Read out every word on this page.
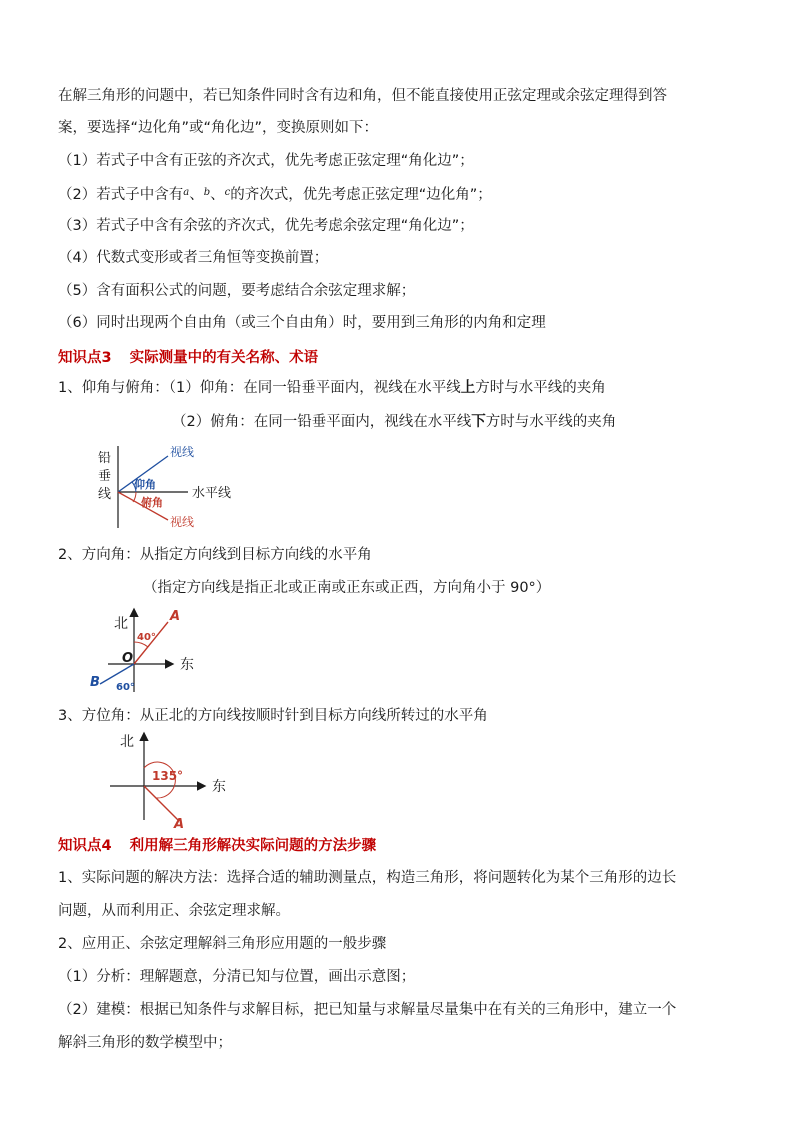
在解三角形的问题中，若已知条件同时含有边和角，但不能直接使用正弦定理或余弦定理得到答
案，要选择“边化角”或“角化边”，变换原则如下：
（1）若式子中含有正弦的齐次式，优先考虑正弦定理“角化边”；
（2）若式子中含有$^a$、$^b$、$^c$的齐次式，优先考虑正弦定理“边化角”；
（3）若式子中含有余弦的齐次式，优先考虑余弦定理“角化边”；
（4）代数式变形或者三角恒等变换前置；
（5）含有面积公式的问题，要考虑结合余弦定理求解；
（6）同时出现两个自由角（或三个自由角）时，要用到三角形的内角和定理
知识点3 实际测量中的有关名称、术语
1、仰角与俯角：（1）仰角：在同一铅垂平面内，视线在水平线上方时与水平线的夹角
（2）俯角：在同一铅垂平面内，视线在水平线下方时与水平线的夹角
铅
垂
线
视线
视线
仰角
俯角
水平线
2、方向角：从指定方向线到目标方向线的水平角
（指定方向线是指正北或正南或正东或正西，方向角小于 90°）
北
东
O
A
B
40°
60°
3、方位角：从正北的方向线按顺时针到目标方向线所转过的水平角
北
东
135°
A
知识点4 利用解三角形解决实际问题的方法步骤
1、实际问题的解决方法：选择合适的辅助测量点，构造三角形，将问题转化为某个三角形的边长
问题，从而利用正、余弦定理求解。
2、应用正、余弦定理解斜三角形应用题的一般步骤
（1）分析：理解题意，分清已知与位置，画出示意图；
（2）建模：根据已知条件与求解目标，把已知量与求解量尽量集中在有关的三角形中，建立一个
解斜三角形的数学模型中；
